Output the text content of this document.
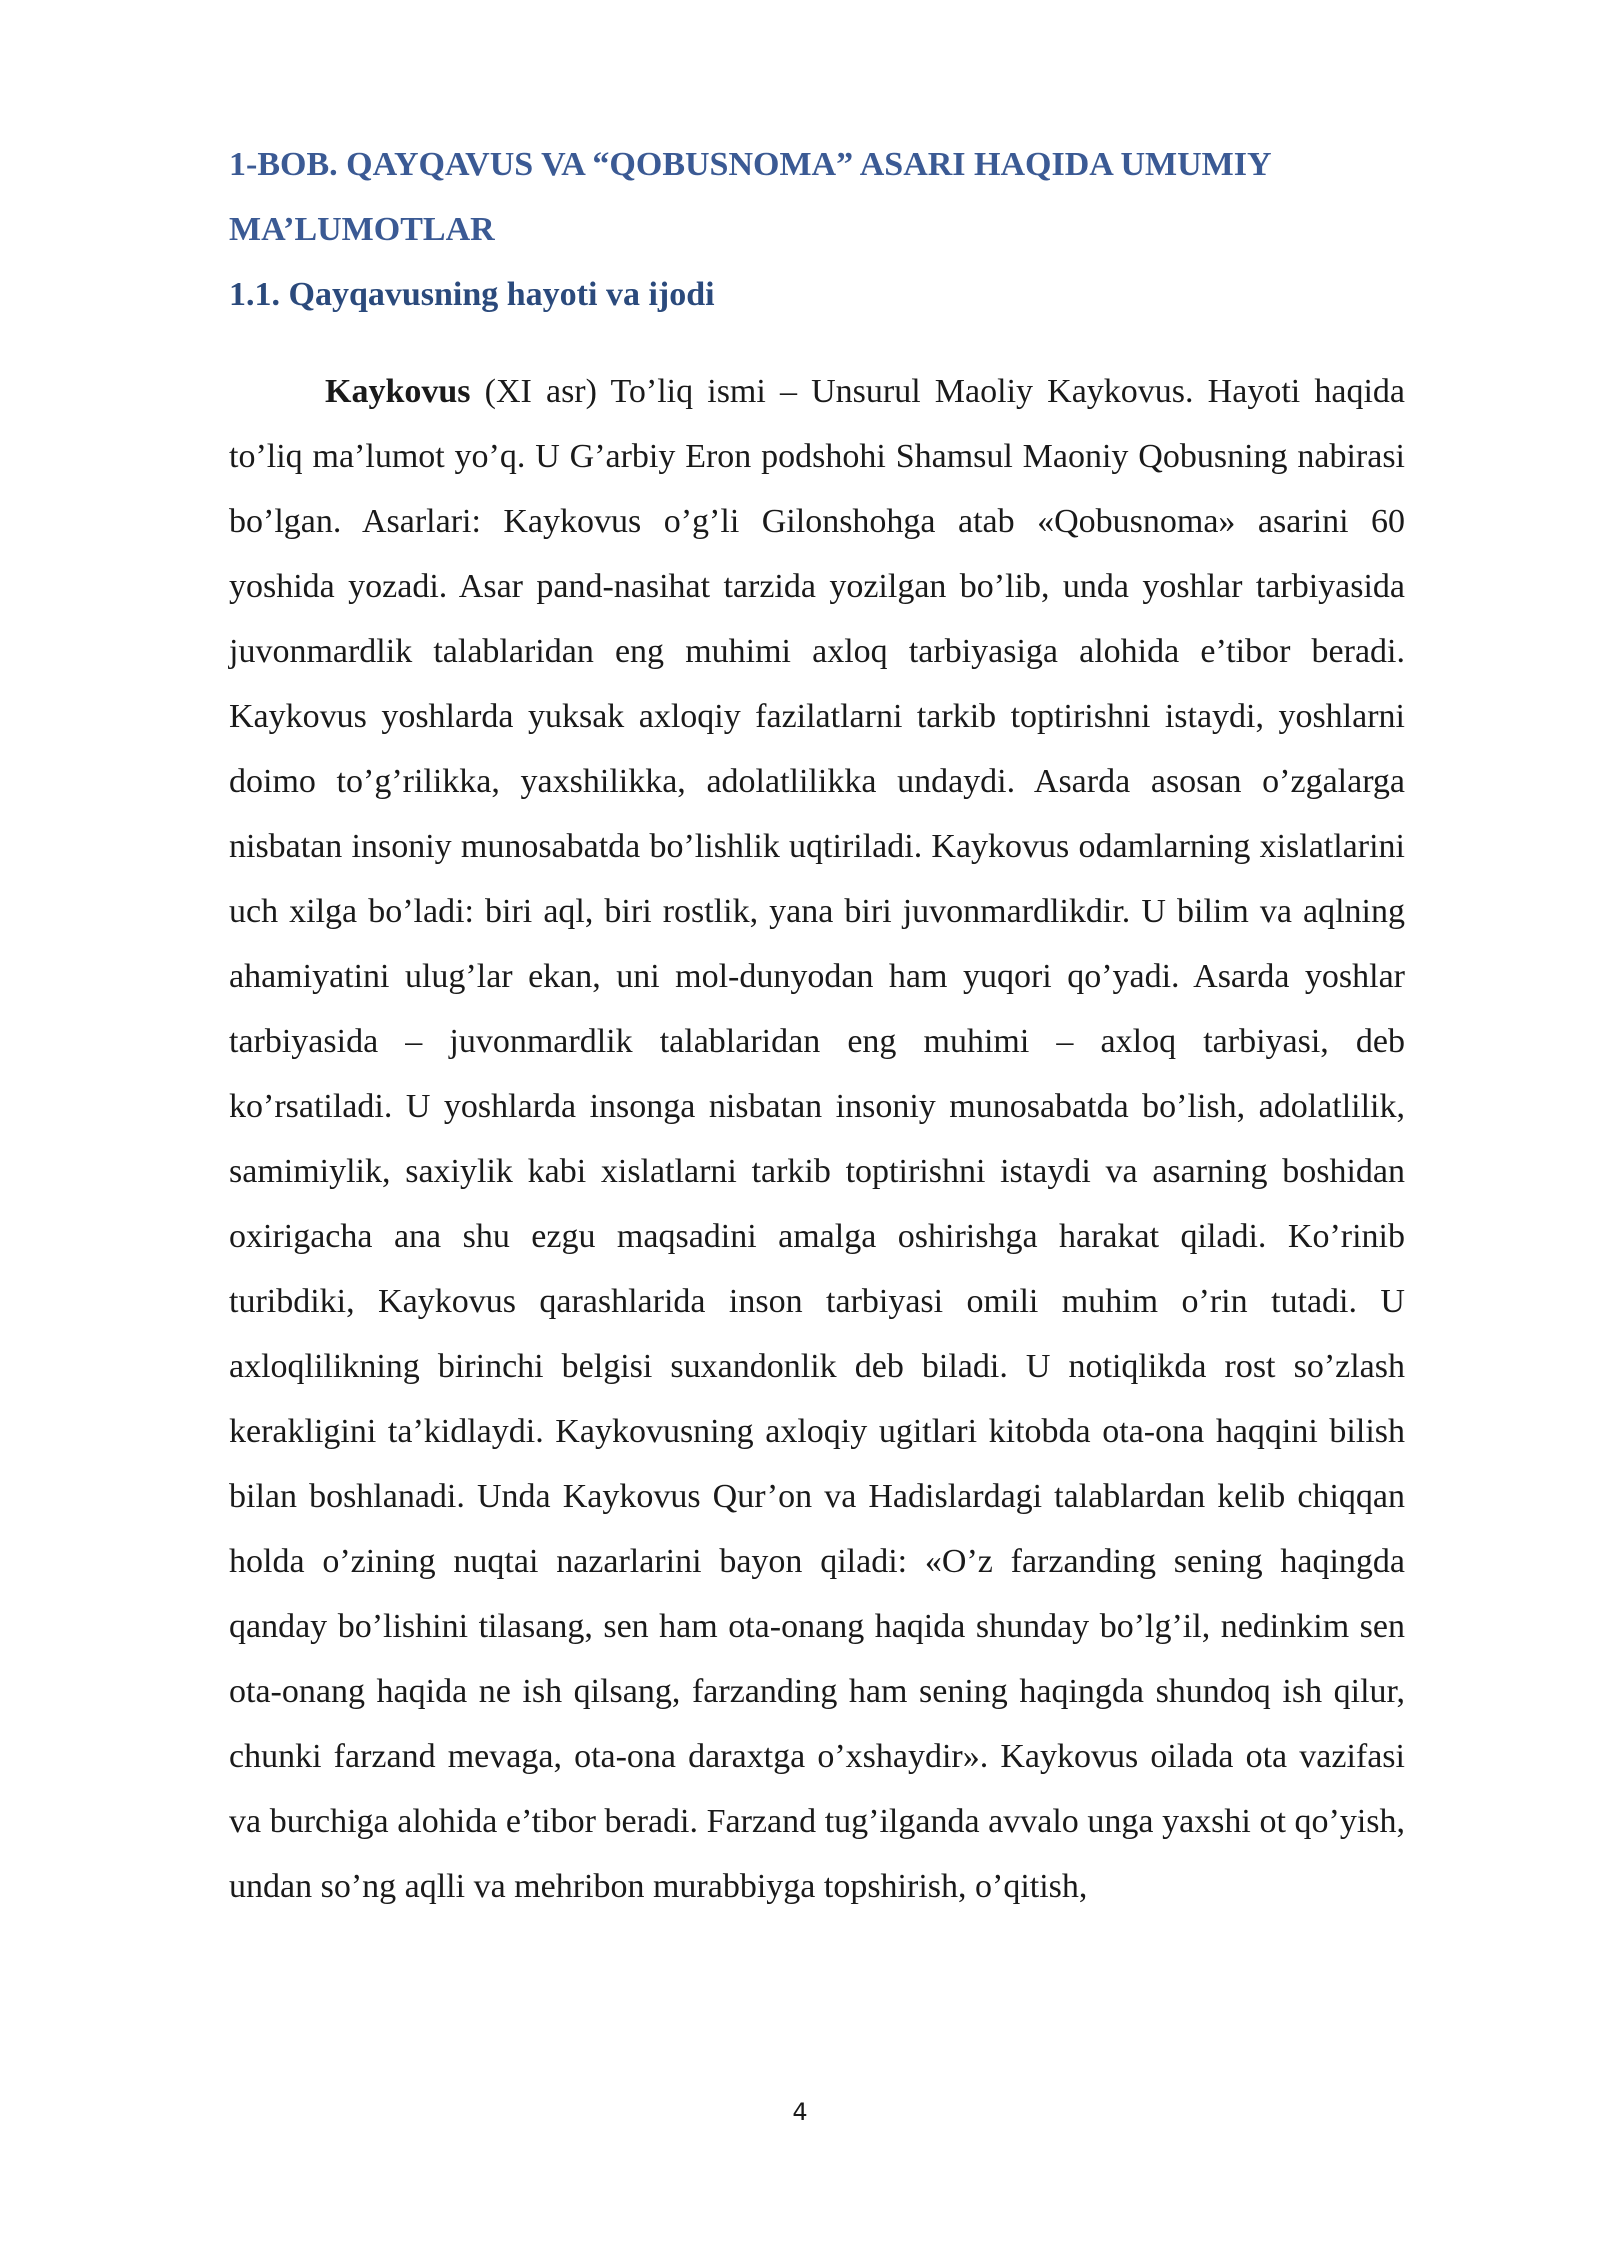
1-BOB. QAYQAVUS VA “QOBUSNOMA” ASARI HAQIDA UMUMIY MA’LUMOTLAR
1.1. Qayqavusning hayoti va ijodi

Kaykovus (XI asr) To’liq ismi – Unsurul Maoliy Kaykovus. Hayoti haqida to’liq ma’lumot yo’q. U G’arbiy Eron podshohi Shamsul Maoniy Qobusning nabirasi bo’lgan. Asarlari: Kaykovus o’g’li Gilonshohga atab «Qobusnoma» asarini 60 yoshida yozadi. Asar pand-nasihat tarzida yozilgan bo’lib, unda yoshlar tarbiyasida juvonmardlik talablaridan eng muhimi axloq tarbiyasiga alohida e’tibor beradi. Kaykovus yoshlarda yuksak axloqiy fazilatlarni tarkib toptirishni istaydi, yoshlarni doimo to’g’rilikka, yaxshilikka, adolatlilikka undaydi. Asarda asosan o’zgalarga nisbatan insoniy munosabatda bo’lishlik uqtiriladi. Kaykovus odamlarning xislatlarini uch xilga bo’ladi: biri aql, biri rostlik, yana biri juvonmardlikdir. U bilim va aqlning ahamiyatini ulug’lar ekan, uni mol-dunyodan ham yuqori qo’yadi. Asarda yoshlar tarbiyasida – juvonmardlik talablaridan eng muhimi – axloq tarbiyasi, deb ko’rsatiladi. U yoshlarda insonga nisbatan insoniy munosabatda bo’lish, adolatlilik, samimiylik, saxiylik kabi xislatlarni tarkib toptirishni istaydi va asarning boshidan oxirigacha ana shu ezgu maqsadini amalga oshirishga harakat qiladi. Ko’rinib turibdiki, Kaykovus qarashlarida inson tarbiyasi omili muhim o’rin tutadi. U axloqlilikning birinchi belgisi suxandonlik deb biladi. U notiqlikda rost so’zlash kerakligini ta’kidlaydi. Kaykovusning axloqiy ugitlari kitobda ota-ona haqqini bilish bilan boshlanadi. Unda Kaykovus Qur’on va Hadislardagi talablardan kelib chiqqan holda o’zining nuqtai nazarlarini bayon qiladi: «O’z farzanding sening haqingda qanday bo’lishini tilasang, sen ham ota-onang haqida shunday bo’lg’il, nedinkim sen ota-onang haqida ne ish qilsang, farzanding ham sening haqingda shundoq ish qilur, chunki farzand mevaga, ota-ona daraxtga o’xshaydir». Kaykovus oilada ota vazifasi va burchiga alohida e’tibor beradi. Farzand tug’ilganda avvalo unga yaxshi ot qo’yish, undan so’ng aqlli va mehribon murabbiyga topshirish, o’qitish,

4
